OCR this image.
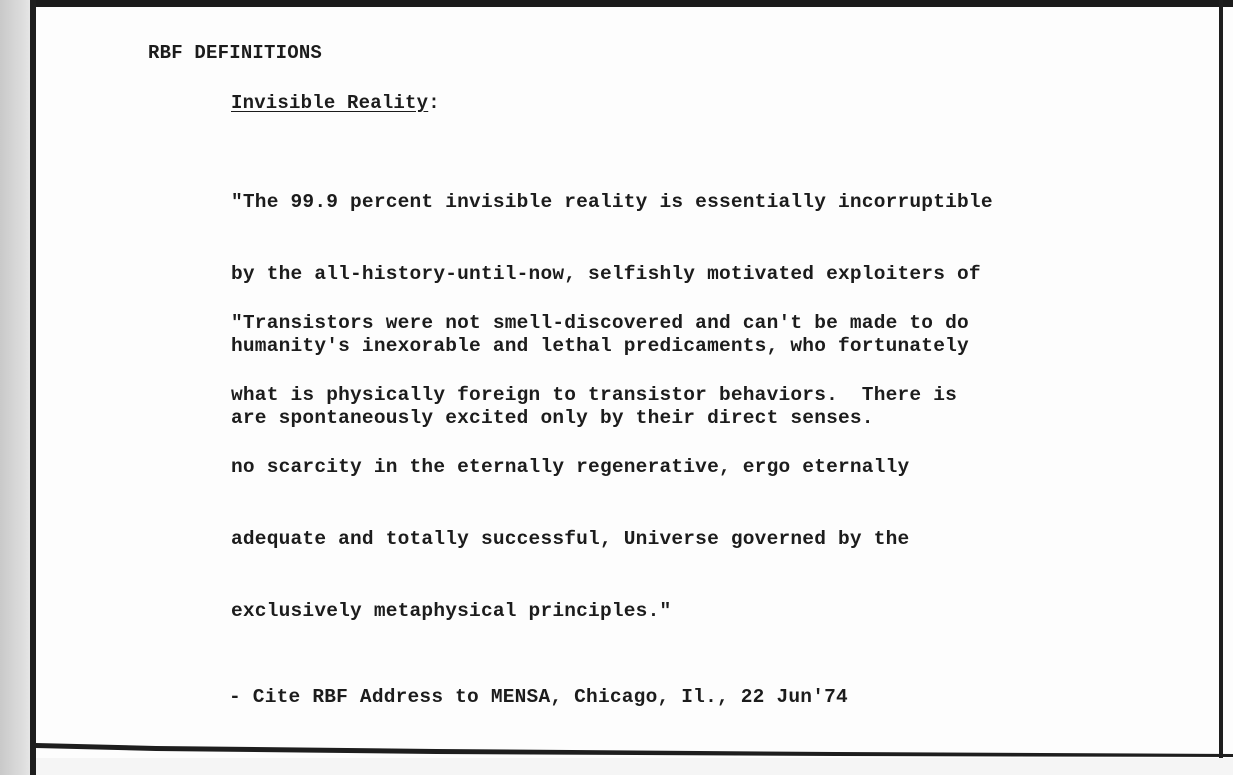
RBF DEFINITIONS
Invisible Reality:

"The 99.9 percent invisible reality is essentially incorruptible

by the all-history-until-now, selfishly motivated exploiters of

humanity's inexorable and lethal predicaments, who fortunately

are spontaneously excited only by their direct senses.

"Transistors were not smell-discovered and can't be made to do

what is physically foreign to transistor behaviors.  There is

no scarcity in the eternally regenerative, ergo eternally

adequate and totally successful, Universe governed by the

exclusively metaphysical principles."

- Cite RBF Address to MENSA, Chicago, Il., 22 Jun'74
